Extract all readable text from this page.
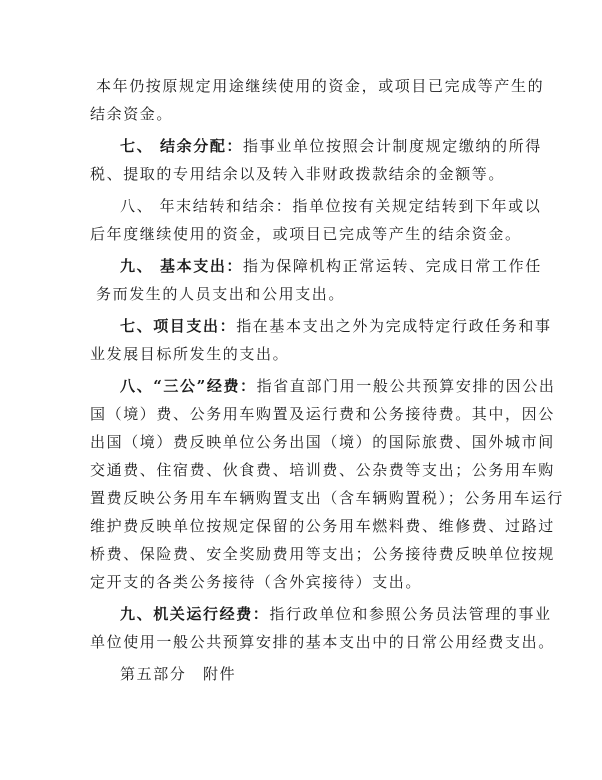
本年仍按原规定用途继续使用的资金，或项目已完成等产生的
结余资金。
七、 结余分配：指事业单位按照会计制度规定缴纳的所得
税、提取的专用结余以及转入非财政拨款结余的金额等。
八、 年末结转和结余：指单位按有关规定结转到下年或以
后年度继续使用的资金，或项目已完成等产生的结余资金。
九、 基本支出：指为保障机构正常运转、完成日常工作任
务而发生的人员支出和公用支出。
七、项目支出：指在基本支出之外为完成特定行政任务和事
业发展目标所发生的支出。
八、“三公”经费：指省直部门用一般公共预算安排的因公出
国（境）费、公务用车购置及运行费和公务接待费。其中，因公
出国（境）费反映单位公务出国（境）的国际旅费、国外城市间
交通费、住宿费、伙食费、培训费、公杂费等支出；公务用车购
置费反映公务用车车辆购置支出（含车辆购置税）；公务用车运行
维护费反映单位按规定保留的公务用车燃料费、维修费、过路过
桥费、保险费、安全奖励费用等支出；公务接待费反映单位按规
定开支的各类公务接待（含外宾接待）支出。
九、机关运行经费：指行政单位和参照公务员法管理的事业
单位使用一般公共预算安排的基本支出中的日常公用经费支出。
第五部分　附件
